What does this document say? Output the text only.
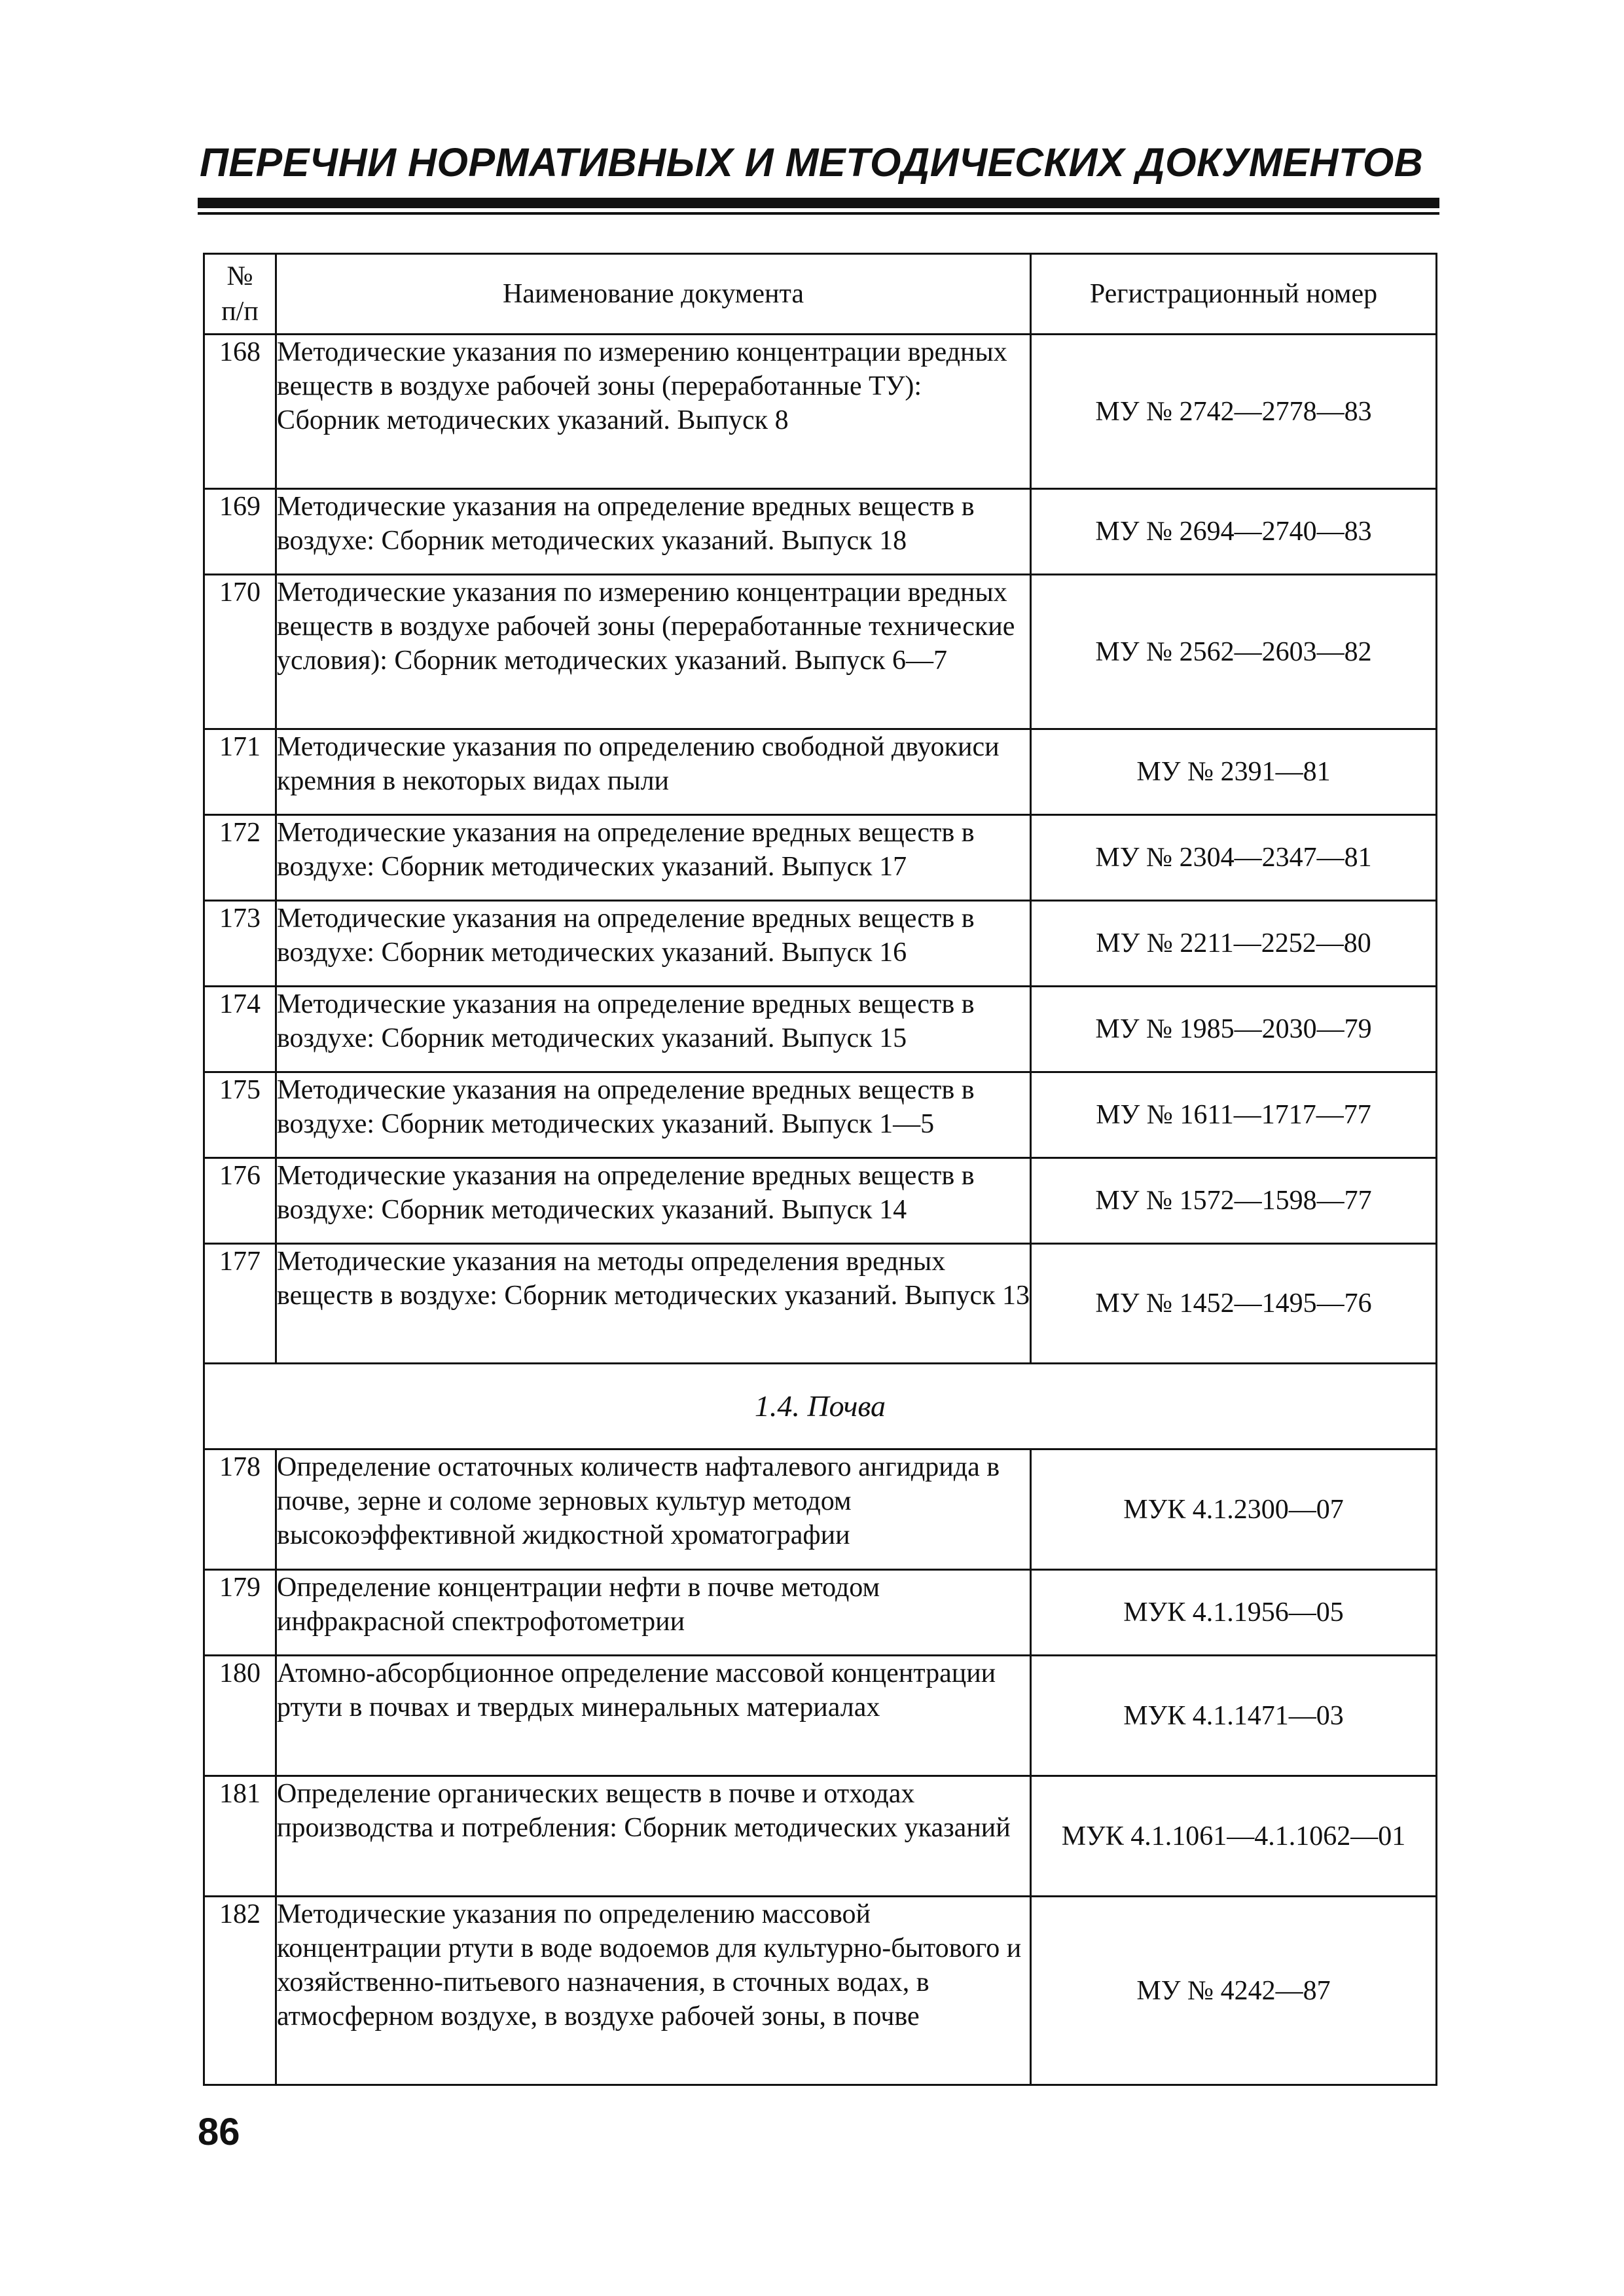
ПЕРЕЧНИ НОРМАТИВНЫХ И МЕТОДИЧЕСКИХ ДОКУМЕНТОВ
№
п/п	Наименование документа	Регистрационный номер
168	Методические указания по измерению концентрации вредных веществ в воздухе рабочей зоны (переработанные ТУ): Сборник методических указаний. Выпуск 8	МУ № 2742—2778—83
169	Методические указания на определение вредных веществ в воздухе: Сборник методических указаний. Выпуск 18	МУ № 2694—2740—83
170	Методические указания по измерению концентрации вредных веществ в воздухе рабочей зоны (переработанные технические условия): Сборник методических указаний. Выпуск 6—7	МУ № 2562—2603—82
171	Методические указания по определению свободной двуокиси кремния в некоторых видах пыли	МУ № 2391—81
172	Методические указания на определение вредных веществ в воздухе: Сборник методических указаний. Выпуск 17	МУ № 2304—2347—81
173	Методические указания на определение вредных веществ в воздухе: Сборник методических указаний. Выпуск 16	МУ № 2211—2252—80
174	Методические указания на определение вредных веществ в воздухе: Сборник методических указаний. Выпуск 15	МУ № 1985—2030—79
175	Методические указания на определение вредных веществ в воздухе: Сборник методических указаний. Выпуск 1—5	МУ № 1611—1717—77
176	Методические указания на определение вредных веществ в воздухе: Сборник методических указаний. Выпуск 14	МУ № 1572—1598—77
177	Методические указания на методы определения вредных веществ в воздухе: Сборник методических указаний. Выпуск 13	МУ № 1452—1495—76
1.4. Почва		
178	Определение остаточных количеств нафталевого ангидрида в почве, зерне и соломе зерновых культур методом высокоэффективной жидкостной хроматографии	МУК 4.1.2300—07
179	Определение концентрации нефти в почве методом инфракрасной спектрофотометрии	МУК 4.1.1956—05
180	Атомно-абсорбционное определение массовой концентрации ртути в почвах и твердых минеральных материалах	МУК 4.1.1471—03
181	Определение органических веществ в почве и отходах производства и потребления: Сборник методических указаний	МУК 4.1.1061—4.1.1062—01
182	Методические указания по определению массовой концентрации ртути в воде водоемов для культурно-бытового и хозяйственно-питьевого назначения, в сточных водах, в атмосферном воздухе, в воздухе рабочей зоны, в почве	МУ № 4242—87
86
